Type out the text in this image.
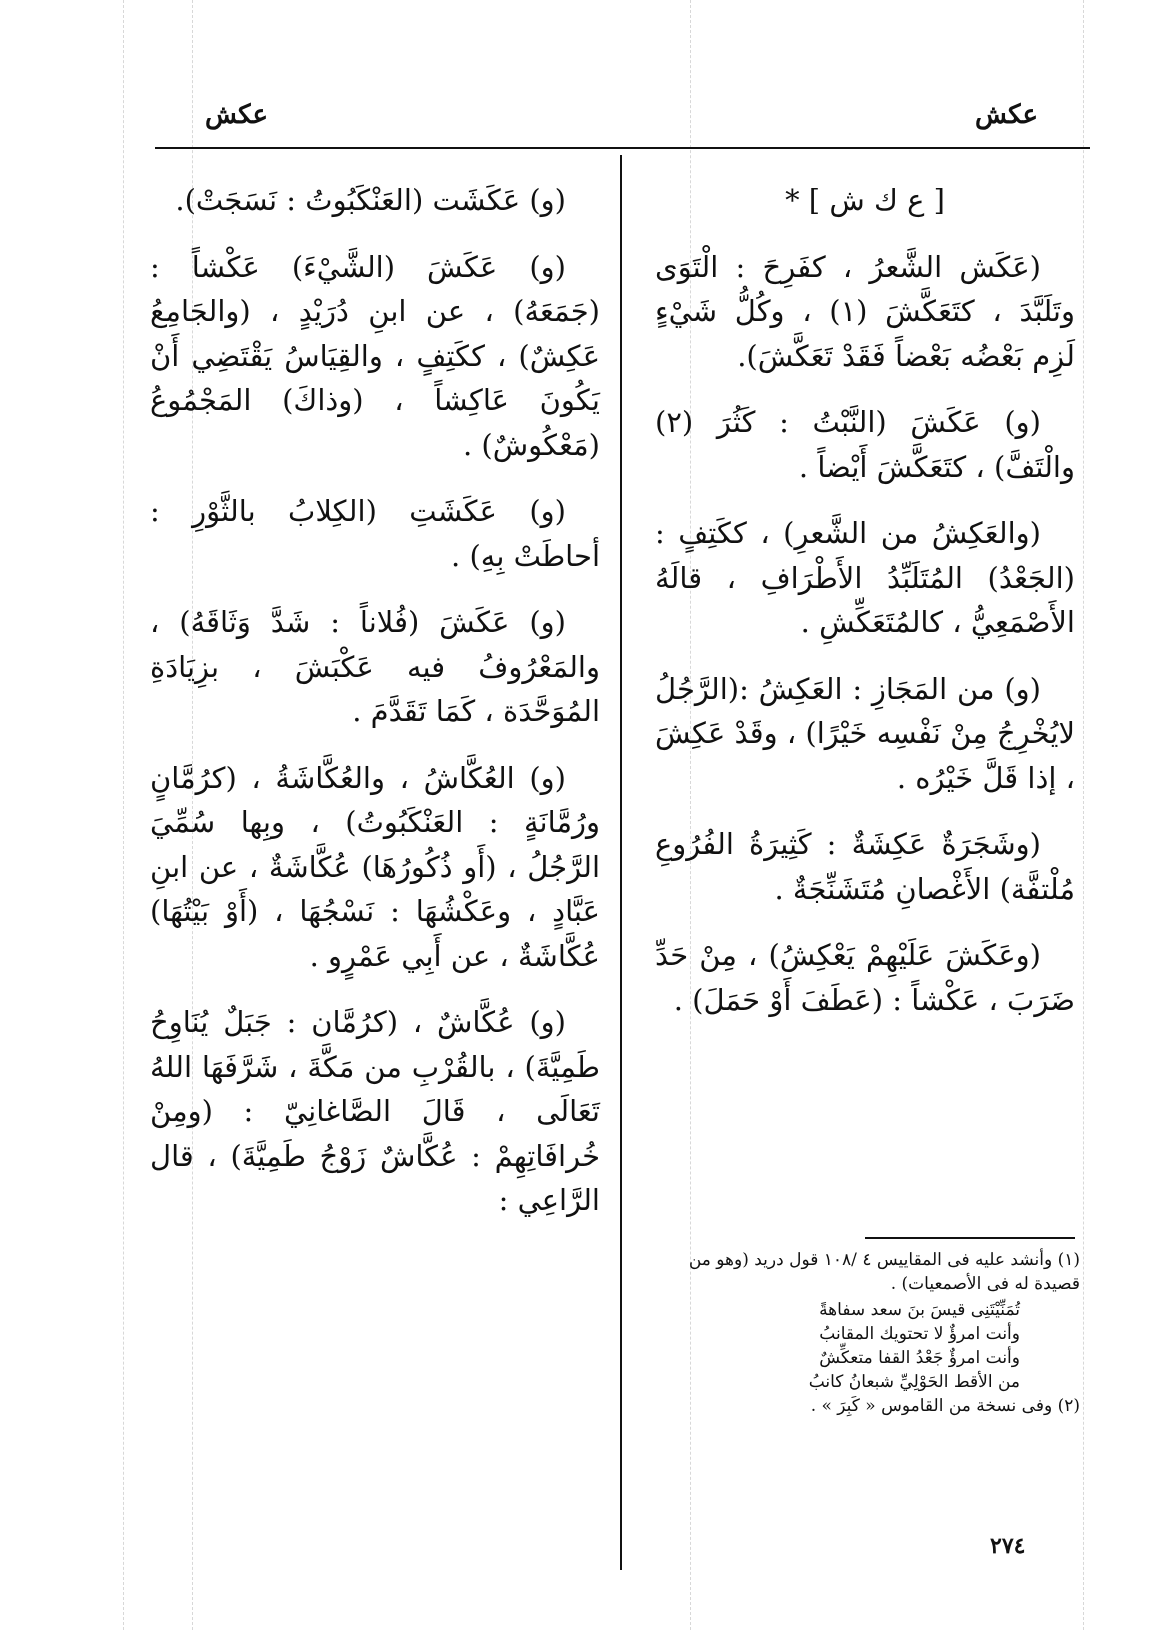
عكش
عكش

[ ع ك ش ] *

(عَكَش الشَّعرُ ، كفَرِحَ : الْتَوَى وتَلَبَّدَ ، كتَعَكَّشَ (١) ، وكُلُّ شَيْءٍ لَزِم بَعْضُه بَعْضاً فَقَدْ تَعَكَّشَ).

(و) عَكَشَ (النَّبْتُ : كَثُرَ (٢) والْتَفَّ) ، كتَعَكَّشَ أَيْضاً .

(والعَكِشُ من الشَّعرِ) ، ككَتِفٍ : (الجَعْدُ) المُتَلَبِّدُ الأَطْرَافِ ، قالَهُ الأَصْمَعِيُّ ، كالمُتَعَكِّشِ .

(و) من المَجَازِ : العَكِشُ :(الرَّجُلُ لايُخْرِجُ مِنْ نَفْسِه خَيْرًا) ، وقَدْ عَكِشَ ، إذا قَلَّ خَيْرُه .

(وشَجَرَةٌ عَكِشَةٌ : كَثِيرَةُ الفُرُوعِ مُلْتفَّة) الأَغْصانِ مُتَشَنِّجَةٌ .

(وعَكَشَ عَلَيْهِمْ يَعْكِشُ) ، مِنْ حَدِّ ضَرَبَ ، عَكْشاً : (عَطَفَ أَوْ حَمَلَ) .

(١) وأنشد عليه فى المقاييس ٤ /١٠٨ قول دريد (وهو من قصيدة له فى الأصمعيات) .

تُمَنِّيْتَنِى قيسَ بنَ سعد سفاهةً

وأنت امرؤٌ لا تحتويك المقانبُ

وأنت امرؤٌ جَعْدُ القفا متعكِّشٌ

من الأقط الحَوْلِيِّ شبعانُ كانبُ

(٢) وفى نسخة من القاموس « كَبِرَ » .

(و) عَكَشَت (العَنْكَبُوتُ : نَسَجَتْ).

(و) عَكَشَ (الشَّيْءَ) عَكْشاً : (جَمَعَهُ) ، عن ابنِ دُرَيْدٍ ، (والجَامِعُ عَكِشٌ) ، ككَتِفٍ ، والقِيَاسُ يَقْتَضِي أَنْ يَكُونَ عَاكِشاً ، (وذاكَ) المَجْمُوعُ (مَعْكُوشٌ) .

(و) عَكَشَتِ (الكِلابُ بالثَّوْرِ : أحاطَتْ بِهِ) .

(و) عَكَشَ (فُلاناً : شَدَّ وَثَاقَهُ) ، والمَعْرُوفُ فيه عَكْبَشَ ، بزِيَادَةِ المُوَحَّدَة ، كَمَا تَقَدَّمَ .

(و) العُكَّاشُ ، والعُكَّاشَةُ ، (كرُمَّانٍ ورُمَّانَةٍ : العَنْكَبُوتُ) ، وبِها سُمِّيَ الرَّجُلُ ، (أَو ذُكُورُهَا) عُكَّاشَةٌ ، عن ابنِ عَبَّادٍ ، وعَكْشُهَا : نَسْجُهَا ، (أَوْ بَيْتُهَا) عُكَّاشَةٌ ، عن أَبِي عَمْرٍو .

(و) عُكَّاشٌ ، (كرُمَّان : جَبَلٌ يُنَاوِحُ طَمِيَّةَ) ، بالقُرْبِ من مَكَّةَ ، شَرَّفَهَا اللهُ تَعَالَى ، قَالَ الصَّاغانِيّ : (ومِنْ خُرافَاتِهِمْ : عُكَّاشٌ زَوْجُ طَمِيَّةَ) ، قال الرَّاعِي :

٢٧٤
